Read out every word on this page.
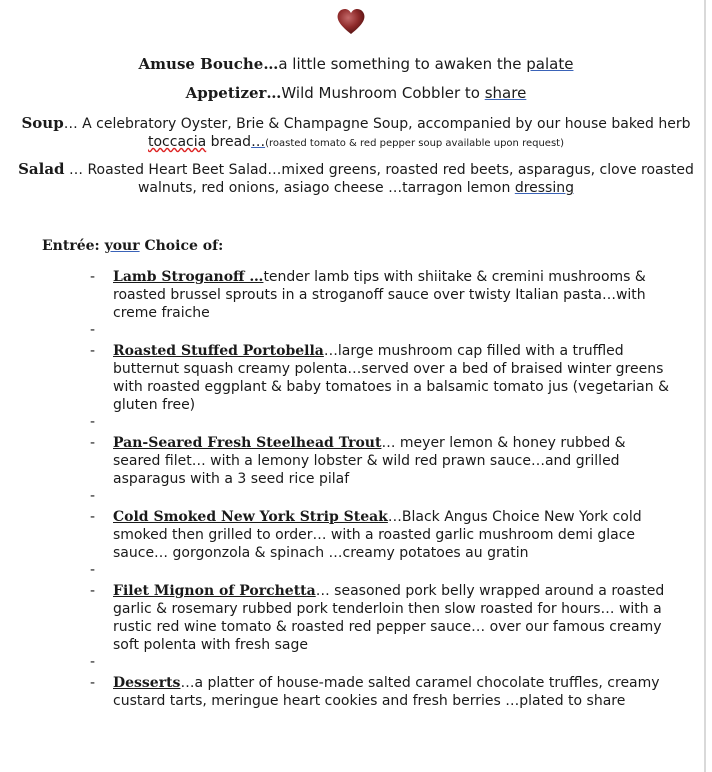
Amuse Bouche…a little something to awaken the palate
Appetizer…Wild Mushroom Cobbler to share
Soup… A celebratory Oyster, Brie & Champagne Soup, accompanied by our house baked herb toccacia bread…(roasted tomato & red pepper soup available upon request)
Salad … Roasted Heart Beet Salad…mixed greens, roasted red beets, asparagus, clove roasted walnuts, red onions, asiago cheese …tarragon lemon dressing
Entrée: your Choice of:
- Lamb Stroganoff …tender lamb tips with shiitake & cremini mushrooms & roasted brussel sprouts in a stroganoff sauce over twisty Italian pasta…with creme fraiche
-
- Roasted Stuffed Portobella…large mushroom cap filled with a truffled butternut squash creamy polenta…served over a bed of braised winter greens with roasted eggplant & baby tomatoes in a balsamic tomato jus (vegetarian & gluten free)
-
- Pan-Seared Fresh Steelhead Trout… meyer lemon & honey rubbed & seared filet… with a lemony lobster & wild red prawn sauce…and grilled asparagus with a 3 seed rice pilaf
-
- Cold Smoked New York Strip Steak…Black Angus Choice New York cold smoked then grilled to order… with a roasted garlic mushroom demi glace sauce… gorgonzola & spinach …creamy potatoes au gratin
-
- Filet Mignon of Porchetta… seasoned pork belly wrapped around a roasted garlic & rosemary rubbed pork tenderloin then slow roasted for hours… with a rustic red wine tomato & roasted red pepper sauce… over our famous creamy soft polenta with fresh sage
-
- Desserts…a platter of house-made salted caramel chocolate truffles, creamy custard tarts, meringue heart cookies and fresh berries …plated to share
